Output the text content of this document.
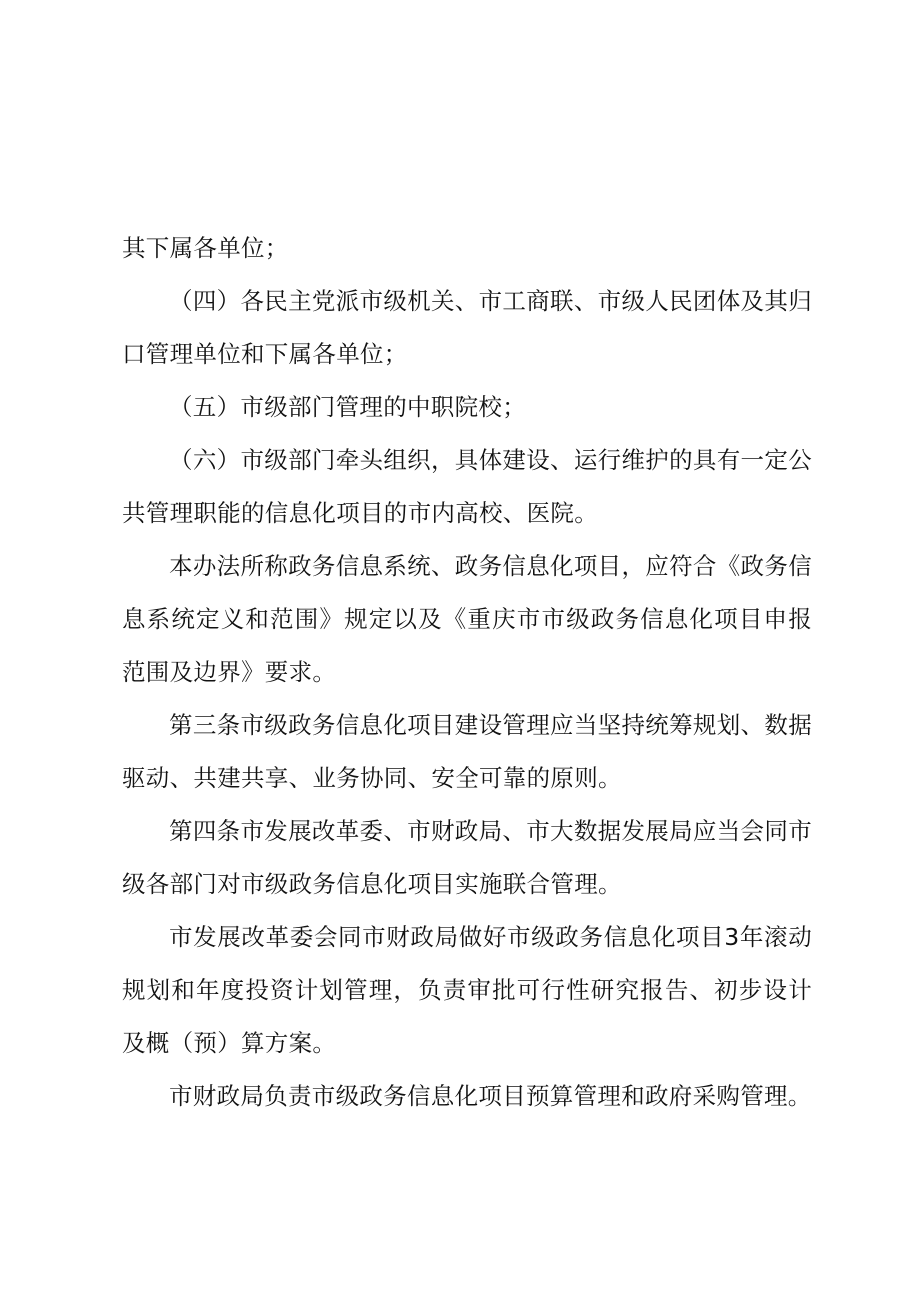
其下属各单位；

（四）各民主党派市级机关、市工商联、市级人民团体及其归口管理单位和下属各单位；

（五）市级部门管理的中职院校；

（六）市级部门牵头组织，具体建设、运行维护的具有一定公共管理职能的信息化项目的市内高校、医院。

本办法所称政务信息系统、政务信息化项目，应符合《政务信息系统定义和范围》规定以及《重庆市市级政务信息化项目申报范围及边界》要求。

第三条市级政务信息化项目建设管理应当坚持统筹规划、数据驱动、共建共享、业务协同、安全可靠的原则。

第四条市发展改革委、市财政局、市大数据发展局应当会同市级各部门对市级政务信息化项目实施联合管理。

市发展改革委会同市财政局做好市级政务信息化项目3年滚动规划和年度投资计划管理，负责审批可行性研究报告、初步设计及概（预）算方案。

市财政局负责市级政务信息化项目预算管理和政府采购管理。
